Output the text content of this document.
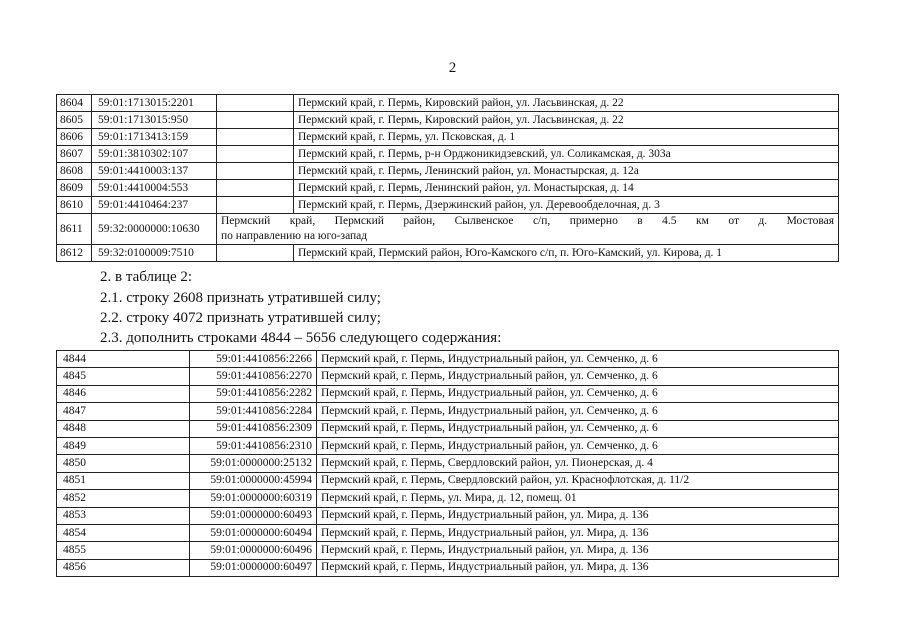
2
8604	59:01:1713015:2201		Пермский край, г. Пермь, Кировский район, ул. Ласьвинская, д. 22
8605	59:01:1713015:950		Пермский край, г. Пермь, Кировский район, ул. Ласьвинская, д. 22
8606	59:01:1713413:159		Пермский край, г. Пермь, ул. Псковская, д. 1
8607	59:01:3810302:107		Пермский край, г. Пермь, р-н Орджоникидзевский, ул. Соликамская, д. 303а
8608	59:01:4410003:137		Пермский край, г. Пермь, Ленинский район, ул. Монастырская, д. 12а
8609	59:01:4410004:553		Пермский край, г. Пермь, Ленинский район, ул. Монастырская, д. 14
8610	59:01:4410464:237		Пермский край, г. Пермь, Дзержинский район, ул. Деревообделочная, д. 3
8611	59:32:0000000:10630	Пермский край, Пермский район, Сылвенское с/п, примерно в 4.5 км от д. Мостовая
по направлению на юго-запад	
8612	59:32:0100009:7510		Пермский край, Пермский район, Юго-Камского с/п, п. Юго-Камский, ул. Кирова, д. 1
2. в таблице 2:
2.1. строку 2608 признать утратившей силу;
2.2. строку 4072 признать утратившей силу;
2.3. дополнить строками 4844 – 5656 следующего содержания:
4844	59:01:4410856:2266	Пермский край, г. Пермь, Индустриальный район, ул. Семченко, д. 6
4845	59:01:4410856:2270	Пермский край, г. Пермь, Индустриальный район, ул. Семченко, д. 6
4846	59:01:4410856:2282	Пермский край, г. Пермь, Индустриальный район, ул. Семченко, д. 6
4847	59:01:4410856:2284	Пермский край, г. Пермь, Индустриальный район, ул. Семченко, д. 6
4848	59:01:4410856:2309	Пермский край, г. Пермь, Индустриальный район, ул. Семченко, д. 6
4849	59:01:4410856:2310	Пермский край, г. Пермь, Индустриальный район, ул. Семченко, д. 6
4850	59:01:0000000:25132	Пермский край, г. Пермь, Свердловский район, ул. Пионерская, д. 4
4851	59:01:0000000:45994	Пермский край, г. Пермь, Свердловский район, ул. Краснофлотская, д. 11/2
4852	59:01:0000000:60319	Пермский край, г. Пермь, ул. Мира, д. 12, помещ. 01
4853	59:01:0000000:60493	Пермский край, г. Пермь, Индустриальный район, ул. Мира, д. 136
4854	59:01:0000000:60494	Пермский край, г. Пермь, Индустриальный район, ул. Мира, д. 136
4855	59:01:0000000:60496	Пермский край, г. Пермь, Индустриальный район, ул. Мира, д. 136
4856	59:01:0000000:60497	Пермский край, г. Пермь, Индустриальный район, ул. Мира, д. 136
